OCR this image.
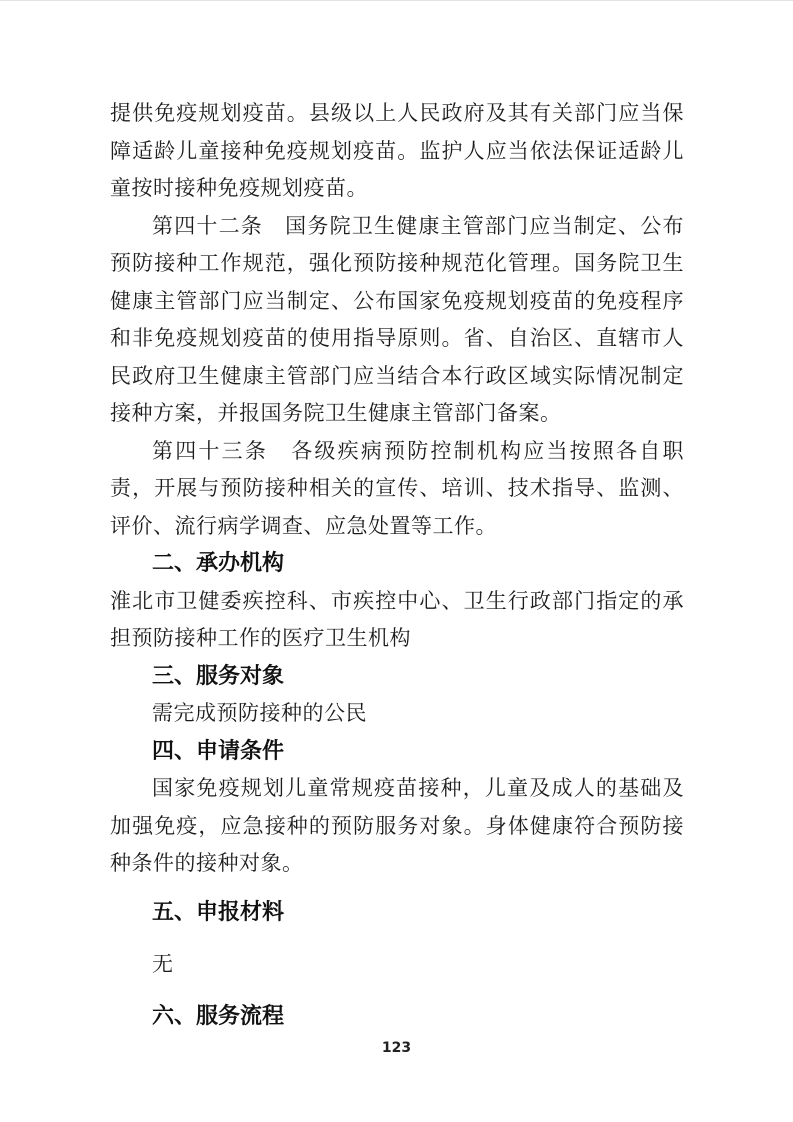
提供免疫规划疫苗。县级以上人民政府及其有关部门应当保障适龄儿童接种免疫规划疫苗。监护人应当依法保证适龄儿童按时接种免疫规划疫苗。

第四十二条　国务院卫生健康主管部门应当制定、公布预防接种工作规范，强化预防接种规范化管理。国务院卫生健康主管部门应当制定、公布国家免疫规划疫苗的免疫程序和非免疫规划疫苗的使用指导原则。省、自治区、直辖市人民政府卫生健康主管部门应当结合本行政区域实际情况制定接种方案，并报国务院卫生健康主管部门备案。

第四十三条　各级疾病预防控制机构应当按照各自职责，开展与预防接种相关的宣传、培训、技术指导、监测、评价、流行病学调查、应急处置等工作。

二、承办机构

淮北市卫健委疾控科、市疾控中心、卫生行政部门指定的承担预防接种工作的医疗卫生机构

三、服务对象

需完成预防接种的公民

四、申请条件

国家免疫规划儿童常规疫苗接种，儿童及成人的基础及加强免疫，应急接种的预防服务对象。身体健康符合预防接种条件的接种对象。

五、申报材料

无

六、服务流程
123
